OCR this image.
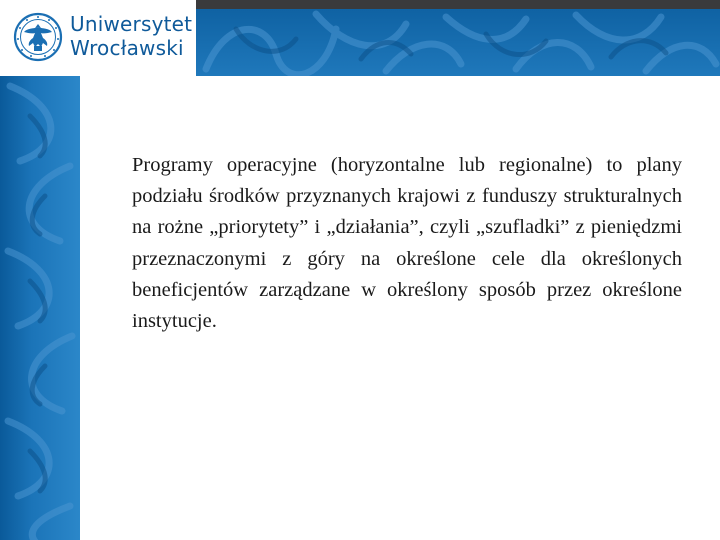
Uniwersytet
Wrocławski

Programy operacyjne (horyzontalne lub regionalne) to plany podziału środków przyznanych krajowi z funduszy strukturalnych na rożne „priorytety” i „działania”, czyli „szufladki” z pieniędzmi przeznaczonymi z góry na określone cele dla określonych beneficjentów zarządzane w określony sposób przez określone instytucje.
